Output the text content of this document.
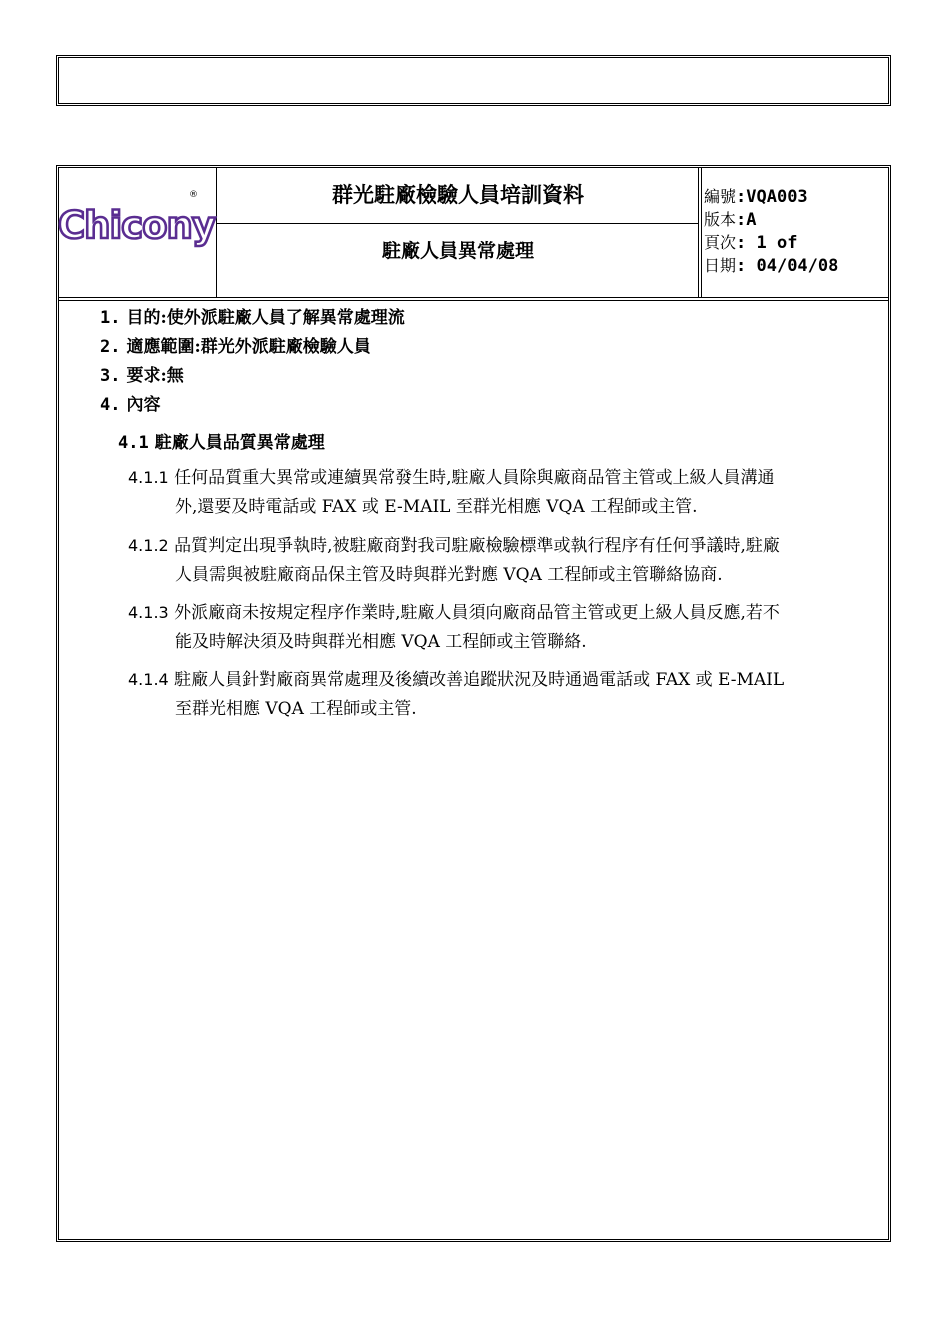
Chicony
®	群光駐廠檢驗人員培訓資料
駐廠人員異常處理
編號:VQA003
版本:A
頁次: 1 of
日期: 04/04/08
1. 目的:使外派駐廠人員了解異常處理流
2. 適應範圍:群光外派駐廠檢驗人員
3. 要求:無
4. 內容
4.1 駐廠人員品質異常處理
4.1.1 任何品質重大異常或連續異常發生時,駐廠人員除與廠商品管主管或上級人員溝通
外,還要及時電話或 FAX 或 E-MAIL 至群光相應 VQA 工程師或主管.
4.1.2 品質判定出現爭執時,被駐廠商對我司駐廠檢驗標準或執行程序有任何爭議時,駐廠
人員需與被駐廠商品保主管及時與群光對應 VQA 工程師或主管聯絡協商.
4.1.3 外派廠商未按規定程序作業時,駐廠人員須向廠商品管主管或更上級人員反應,若不
能及時解決須及時與群光相應 VQA 工程師或主管聯絡.
4.1.4 駐廠人員針對廠商異常處理及後續改善追蹤狀況及時通過電話或 FAX 或 E-MAIL
至群光相應 VQA 工程師或主管.
